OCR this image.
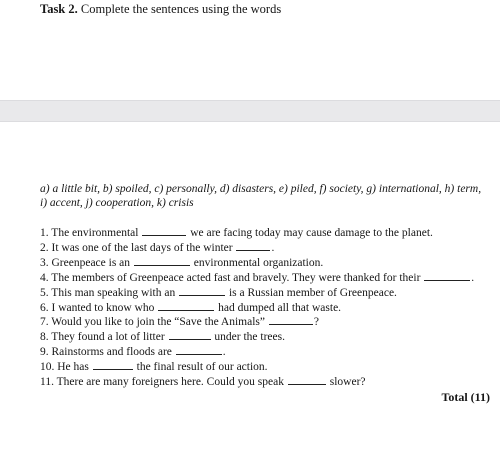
Task 2. Complete the sentences using the words
a) a little bit, b) spoiled, c) personally, d) disasters, e) piled, f) society, g) international, h) term,
i) accent, j) cooperation, k) crisis
1. The environmental	we are facing today may cause damage to the planet.
2. It was one of the last days of the winter	.
3. Greenpeace is an	environmental organization.
4. The members of Greenpeace acted fast and bravely. They were thanked for their	.
5. This man speaking with an	is a Russian member of Greenpeace.
6. I wanted to know who	had dumped all that waste.
7. Would you like to join the “Save the Animals”	?
8. They found a lot of litter	under the trees.
9. Rainstorms and floods are	.
10. He has	the final result of our action.
11. There are many foreigners here. Could you speak	slower?
Total (11)
